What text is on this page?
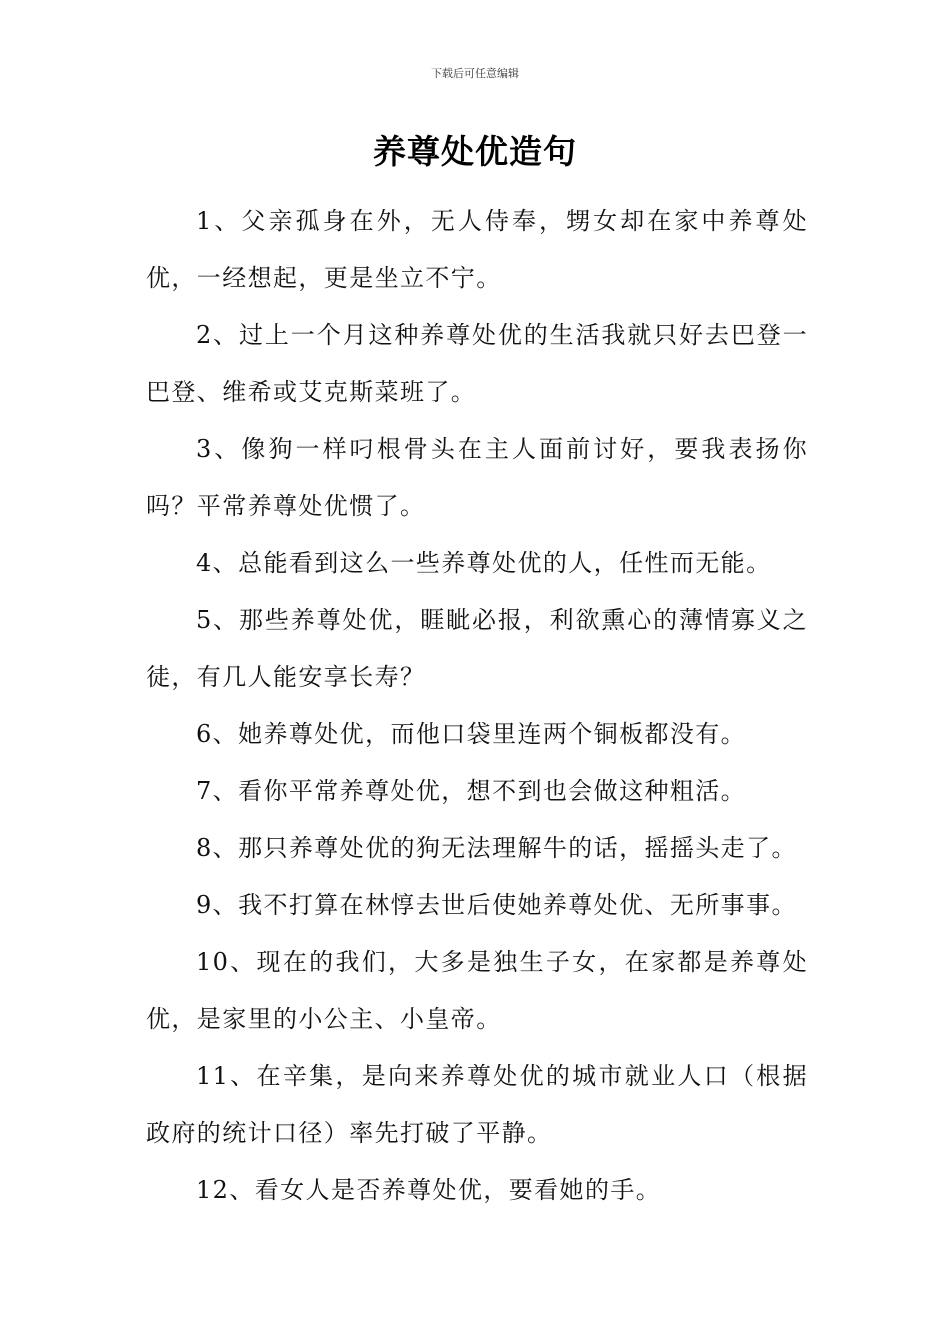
下载后可任意编辑
养尊处优造句

1、父亲孤身在外，无人侍奉，甥女却在家中养尊处优，一经想起，更是坐立不宁。

2、过上一个月这种养尊处优的生活我就只好去巴登一巴登、维希或艾克斯菜班了。

3、像狗一样叼根骨头在主人面前讨好，要我表扬你吗？平常养尊处优惯了。

4、总能看到这么一些养尊处优的人，任性而无能。

5、那些养尊处优，睚眦必报，利欲熏心的薄情寡义之徒，有几人能安享长寿？

6、她养尊处优，而他口袋里连两个铜板都没有。

7、看你平常养尊处优，想不到也会做这种粗活。

8、那只养尊处优的狗无法理解牛的话，摇摇头走了。

9、我不打算在林惇去世后使她养尊处优、无所事事。

10、现在的我们，大多是独生子女，在家都是养尊处优，是家里的小公主、小皇帝。

11、在辛集，是向来养尊处优的城市就业人口（根据政府的统计口径）率先打破了平静。

12、看女人是否养尊处优，要看她的手。
